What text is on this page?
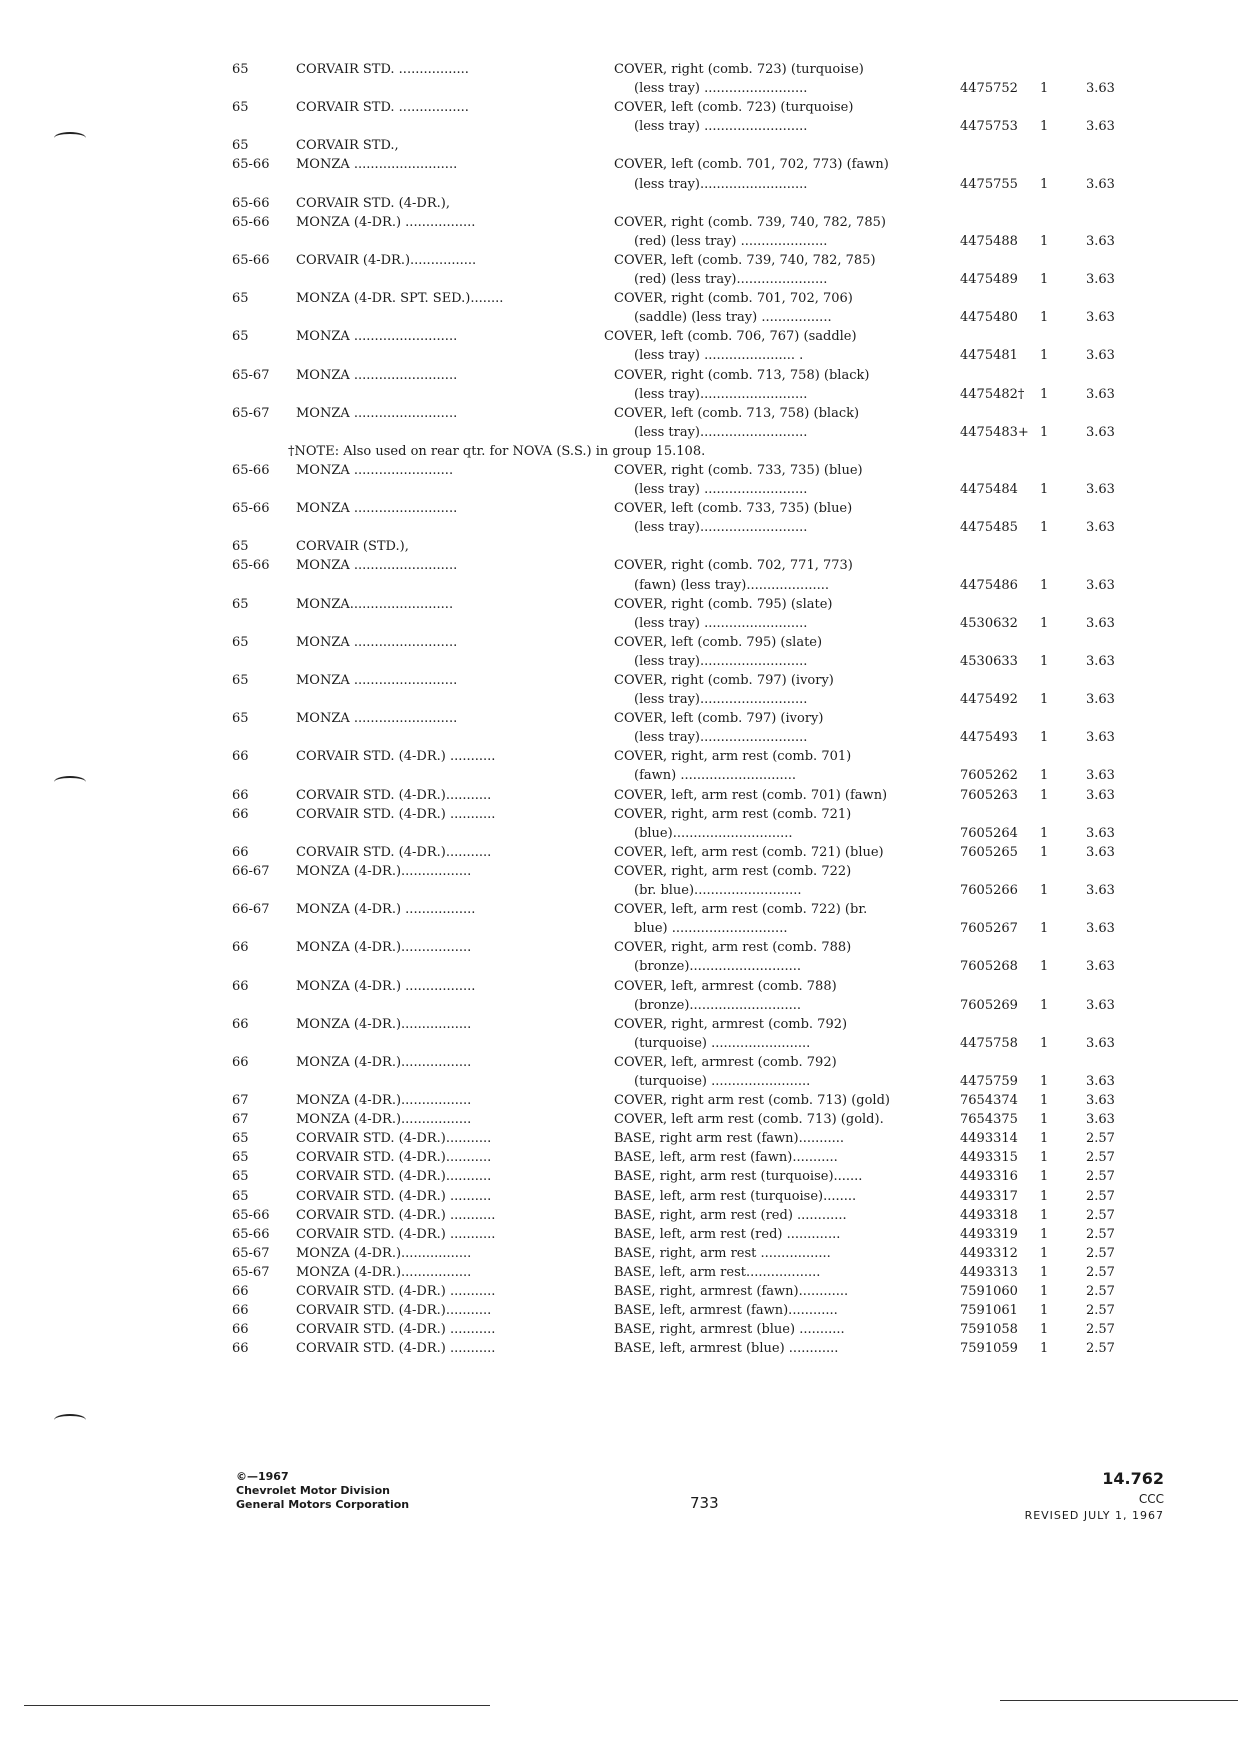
65	CORVAIR STD. .................	COVER, right (comb. 723) (turquoise)
(less tray) .........................	4475752	1	3.63
65	CORVAIR STD. .................	COVER, left (comb. 723) (turquoise)
(less tray) .........................	4475753	1	3.63
65	CORVAIR STD.,
65-66	MONZA .........................	COVER, left (comb. 701, 702, 773) (fawn)
(less tray)..........................	4475755	1	3.63
65-66	CORVAIR STD. (4-DR.),
65-66	MONZA (4-DR.) .................	COVER, right (comb. 739, 740, 782, 785)
(red) (less tray) .....................	4475488	1	3.63
65-66	CORVAIR (4-DR.)................	COVER, left (comb. 739, 740, 782, 785)
(red) (less tray)......................	4475489	1	3.63
65	MONZA (4-DR. SPT. SED.)........	COVER, right (comb. 701, 702, 706)
(saddle) (less tray) .................	4475480	1	3.63
65	MONZA .........................	COVER, left (comb. 706, 767) (saddle)
(less tray) ...................... .	4475481	1	3.63
65-67	MONZA .........................	COVER, right (comb. 713, 758) (black)
(less tray)..........................	4475482†	1	3.63
65-67	MONZA .........................	COVER, left (comb. 713, 758) (black)
(less tray)..........................	4475483+ 1	3.63
†NOTE: Also used on rear qtr. for NOVA (S.S.) in group 15.108.
65-66	MONZA ........................	COVER, right (comb. 733, 735) (blue)
(less tray) .........................	4475484	1	3.63
65-66	MONZA .........................	COVER, left (comb. 733, 735) (blue)
(less tray)..........................	4475485	1	3.63
65	CORVAIR (STD.),
65-66	MONZA .........................	COVER, right (comb. 702, 771, 773)
(fawn) (less tray)....................	4475486	1	3.63
65	MONZA.........................	COVER, right (comb. 795) (slate)
(less tray) .........................	4530632	1	3.63
65	MONZA .........................	COVER, left (comb. 795) (slate)
(less tray)..........................	4530633	1	3.63
65	MONZA .........................	COVER, right (comb. 797) (ivory)
(less tray)..........................	4475492	1	3.63
65	MONZA .........................	COVER, left (comb. 797) (ivory)
(less tray)..........................	4475493	1	3.63
66	CORVAIR STD. (4-DR.) ...........	COVER, right, arm rest (comb. 701)
(fawn) ............................	7605262	1	3.63
66	CORVAIR STD. (4-DR.)...........	COVER, left, arm rest (comb. 701) (fawn)	7605263	1	3.63
66	CORVAIR STD. (4-DR.) ...........	COVER, right, arm rest (comb. 721)
(blue).............................	7605264	1	3.63
66	CORVAIR STD. (4-DR.)...........	COVER, left, arm rest (comb. 721) (blue)	7605265	1	3.63
66-67	MONZA (4-DR.).................	COVER, right, arm rest (comb. 722)
(br. blue)..........................	7605266	1	3.63
66-67	MONZA (4-DR.) .................	COVER, left, arm rest (comb. 722) (br.
blue) ............................	7605267	1	3.63
66	MONZA (4-DR.).................	COVER, right, arm rest (comb. 788)
(bronze)...........................	7605268	1	3.63
66	MONZA (4-DR.) .................	COVER, left, armrest (comb. 788)
(bronze)...........................	7605269	1	3.63
66	MONZA (4-DR.).................	COVER, right, armrest (comb. 792)
(turquoise) ........................	4475758	1	3.63
66	MONZA (4-DR.).................	COVER, left, armrest (comb. 792)
(turquoise) ........................	4475759	1	3.63
67	MONZA (4-DR.).................	COVER, right arm rest (comb. 713) (gold)	7654374	1	3.63
67	MONZA (4-DR.).................	COVER, left arm rest (comb. 713) (gold).	7654375	1	3.63
65	CORVAIR STD. (4-DR.)...........	BASE, right arm rest (fawn)...........	4493314	1	2.57
65	CORVAIR STD. (4-DR.)...........	BASE, left, arm rest (fawn)...........	4493315	1	2.57
65	CORVAIR STD. (4-DR.)...........	BASE, right, arm rest (turquoise).......	4493316	1	2.57
65	CORVAIR STD. (4-DR.) ..........	BASE, left, arm rest (turquoise)........	4493317	1	2.57
65-66	CORVAIR STD. (4-DR.) ...........	BASE, right, arm rest (red) ............	4493318	1	2.57
65-66	CORVAIR STD. (4-DR.) ...........	BASE, left, arm rest (red) .............	4493319	1	2.57
65-67	MONZA (4-DR.).................	BASE, right, arm rest .................	4493312	1	2.57
65-67	MONZA (4-DR.).................	BASE, left, arm rest..................	4493313	1	2.57
66	CORVAIR STD. (4-DR.) ...........	BASE, right, armrest (fawn)............	7591060	1	2.57
66	CORVAIR STD. (4-DR.)...........	BASE, left, armrest (fawn)............	7591061	1	2.57
66	CORVAIR STD. (4-DR.) ...........	BASE, right, armrest (blue) ...........	7591058	1	2.57
66	CORVAIR STD. (4-DR.) ...........	BASE, left, armrest (blue) ............	7591059	1	2.57
©—1967
Chevrolet Motor Division
General Motors Corporation	733
14.762
CCC
REVISED JULY 1, 1967
